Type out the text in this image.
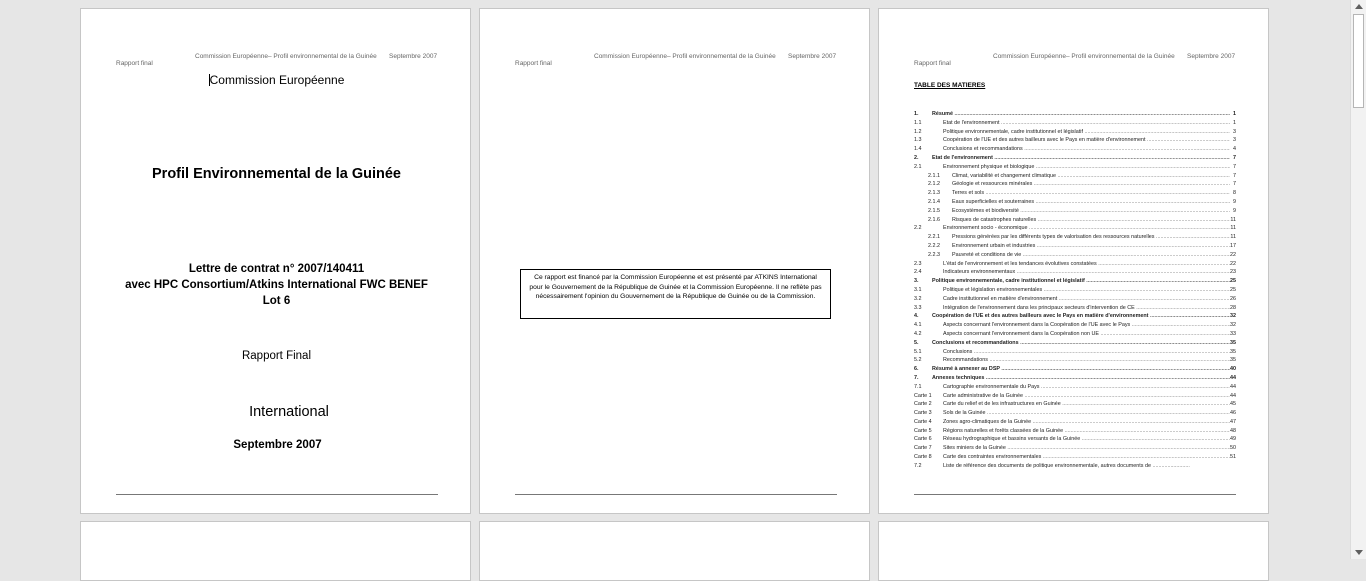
Rapport final
Commission Européenne– Profil environnemental de la Guinée Septembre 2007
Commission Européenne
Profil Environnemental de la Guinée
Lettre de contrat n° 2007/140411
avec HPC Consortium/Atkins International FWC BENEF
Lot 6
Rapport Final
International
Septembre 2007
Rapport final
Commission Européenne– Profil environnemental de la Guinée Septembre 2007
Ce rapport est financé par la Commission Européenne et est présenté par ATKINS International pour le Gouvernement de la République de Guinée et la Commission Européenne. Il ne reflète pas nécessairement l'opinion du Gouvernement de la République de Guinée ou de la Commission.
Rapport final
Commission Européenne– Profil environnemental de la Guinée Septembre 2007
TABLE DES MATIERES
1.	Résumé .....	1
1.1	Etat de l'environnement .....	1
1.2	Politique environnementale, cadre institutionnel et législatif .....	3
1.3	Coopération de l'UE et des autres bailleurs avec le Pays en matière d'environnement .....	3
1.4	Conclusions et recommandations .....	4
2.	Etat de l'environnement .....	7
2.1	Environnement physique et biologique .....	7
2.1.1 Climat, variabilité et changement climatique .....	7
2.1.2 Géologie et ressources minérales .....	7
2.1.3 Terres et sols .....	8
2.1.4 Eaux superficielles et souterraines .....	9
2.1.5 Ecosystèmes et biodiversité .....	9
2.1.6 Risques de catastrophes naturelles .....	11
2.2	Environnement socio - économique .....	11
2.2.1 Pressions générées par les différents types de valorisation des ressources naturelles .....	11
2.2.2 Environnement urbain et industries .....	17
2.2.3 Pauvreté et conditions de vie .....	22
2.3	L'état de l'environnement et les tendances évolutives constatées .....	22
2.4	Indicateurs environnementaux .....	23
3.	Politique environnementale, cadre institutionnel et législatif .....	25
3.1	Politique et législation environnementales .....	25
3.2	Cadre institutionnel en matière d'environnement .....	26
3.3	Intégration de l'environnement dans les principaux secteurs d'intervention de CE .....	28
4.	Coopération de l'UE et des autres bailleurs avec le Pays en matière d'environnement .....	32
4.1	Aspects concernant l'environnement dans la Coopération de l'UE avec le Pays .....	32
4.2	Aspects concernant l'environnement dans la Coopération non UE .....	33
5.	Conclusions et recommandations .....	35
5.1	Conclusions .....	35
5.2	Recommandations .....	35
6.	Résumé à annexer au DSP .....	40
7.	Annexes techniques .....	44
7.1	Cartographie environnementale du Pays .....	44
Carte 1 Carte administrative de la Guinée .....	44
Carte 2 Carte du relief et de les infrastructures en Guinée .....	45
Carte 3 Sols de la Guinée .....	46
Carte 4 Zones agro-climatiques de la Guinée .....	47
Carte 5 Régions naturelles et forêts classées de la Guinée .....	48
Carte 6 Réseau hydrographique et bassins versants de la Guinée .....	49
Carte 7 Sites miniers de la Guinée .....	50
Carte 8 Carte des contraintes environnementales .....	51
7.2	Liste de référence des documents de politique environnementale, autres documents de .....
